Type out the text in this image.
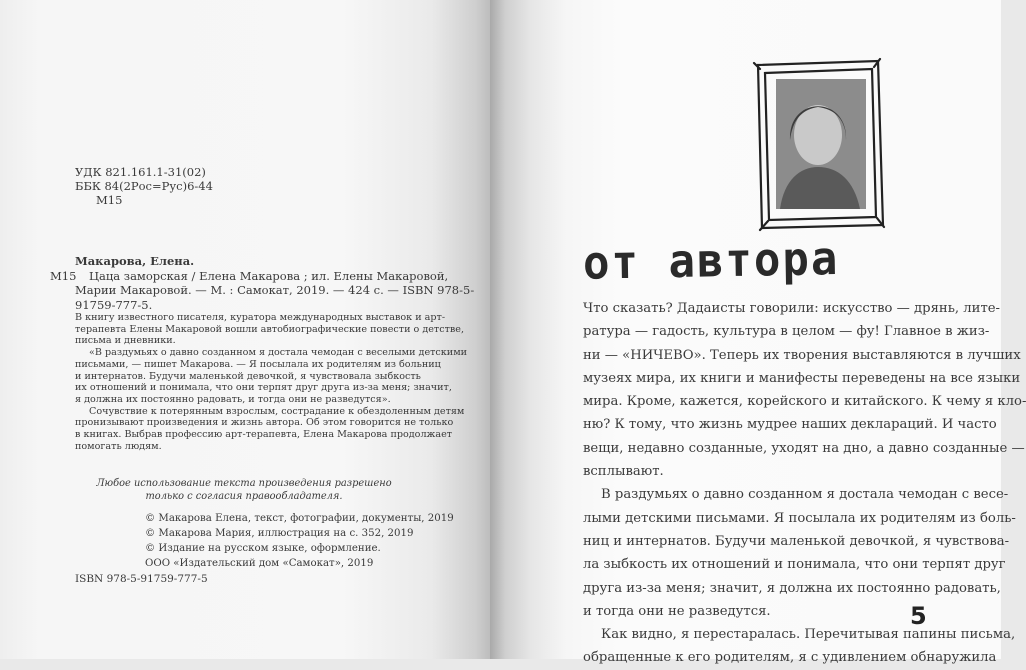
УДК 821.161.1-31(02)
ББК 84(2Рос=Рус)6-44
М15
Макарова, Елена.
М15	Цаца заморская / Елена Макарова ; ил. Елены Макаровой,
Марии Макаровой. — М. : Самокат, 2019. — 424 с. — ISBN 978-5-
91759-777-5.
В книгу известного писателя, куратора международных выставок и арт-
терапевта Елены Макаровой вошли автобиографические повести о детстве,
письма и дневники.
«В раздумьях о давно созданном я достала чемодан с веселыми детскими
письмами, — пишет Макарова. — Я посылала их родителям из больниц
и интернатов. Будучи маленькой девочкой, я чувствовала зыбкость
их отношений и понимала, что они терпят друг друга из-за меня; значит,
я должна их постоянно радовать, и тогда они не разведутся».
Сочувствие к потерянным взрослым, сострадание к обездоленным детям
пронизывают произведения и жизнь автора. Об этом говорится не только
в книгах. Выбрав профессию арт-терапевта, Елена Макарова продолжает
помогать людям.
Любое использование текста произведения разрешено
только с согласия правообладателя.
© Макарова Елена, текст, фотографии, документы, 2019
© Макарова Мария, иллюстрация на с. 352, 2019
© Издание на русском языке, оформление.
ООО «Издательский дом «Самокат», 2019
ISBN 978-5-91759-777-5
от автора
Что сказать? Дадаисты говорили: искусство — дрянь, лите-
ратура — гадость, культура в целом — фу! Главное в жиз-
ни — «НИЧЕВО». Теперь их творения выставляются в лучших
музеях мира, их книги и манифесты переведены на все языки
мира. Кроме, кажется, корейского и китайского. К чему я кло-
ню? К тому, что жизнь мудрее наших деклараций. И часто
вещи, недавно созданные, уходят на дно, а давно созданные —
всплывают.
В раздумьях о давно созданном я достала чемодан с весе-
лыми детскими письмами. Я посылала их родителям из боль-
ниц и интернатов. Будучи маленькой девочкой, я чувствова-
ла зыбкость их отношений и понимала, что они терпят друг
друга из-за меня; значит, я должна их постоянно радовать,
и тогда они не разведутся.
Как видно, я перестаралась. Перечитывая папины письма,
обращенные к его родителям, я с удивлением обнаружила
5
